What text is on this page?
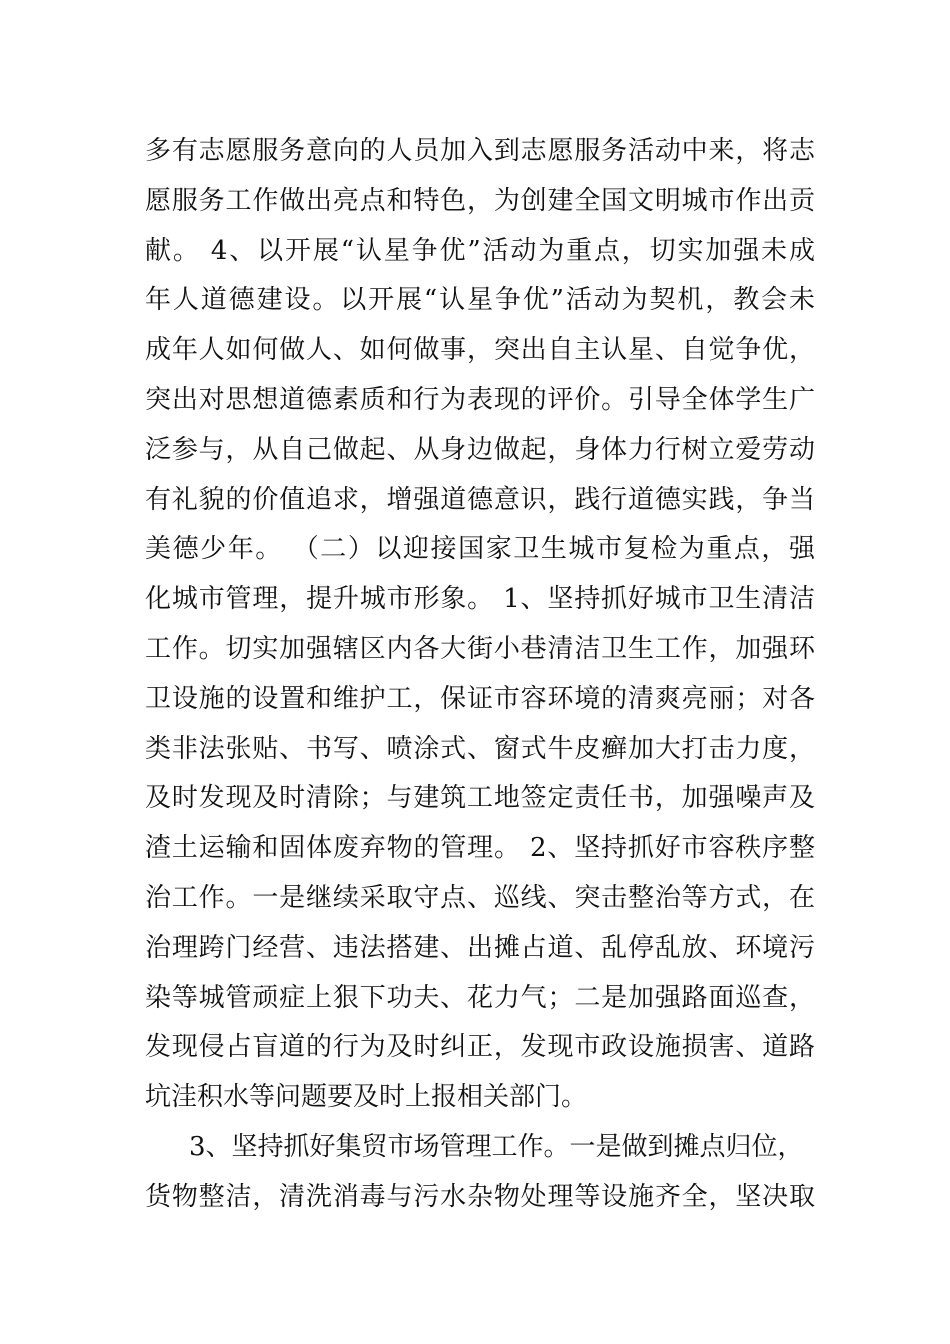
多有志愿服务意向的人员加入到志愿服务活动中来，将志
愿服务工作做出亮点和特色，为创建全国文明城市作出贡
献。 4、以开展“认星争优”活动为重点，切实加强未成
年人道德建设。以开展“认星争优”活动为契机，教会未
成年人如何做人、如何做事，突出自主认星、自觉争优，
突出对思想道德素质和行为表现的评价。引导全体学生广
泛参与，从自己做起、从身边做起，身体力行树立爱劳动
有礼貌的价值追求，增强道德意识，践行道德实践，争当
美德少年。 （二）以迎接国家卫生城市复检为重点，强
化城市管理，提升城市形象。 1、坚持抓好城市卫生清洁
工作。切实加强辖区内各大街小巷清洁卫生工作，加强环
卫设施的设置和维护工，保证市容环境的清爽亮丽；对各
类非法张贴、书写、喷涂式、窗式牛皮癣加大打击力度，
及时发现及时清除；与建筑工地签定责任书，加强噪声及
渣土运输和固体废弃物的管理。 2、坚持抓好市容秩序整
治工作。一是继续采取守点、巡线、突击整治等方式，在
治理跨门经营、违法搭建、出摊占道、乱停乱放、环境污
染等城管顽症上狠下功夫、花力气；二是加强路面巡查，
发现侵占盲道的行为及时纠正，发现市政设施损害、道路
坑洼积水等问题要及时上报相关部门。
3、坚持抓好集贸市场管理工作。一是做到摊点归位，
货物整洁，清洗消毒与污水杂物处理等设施齐全，坚决取
